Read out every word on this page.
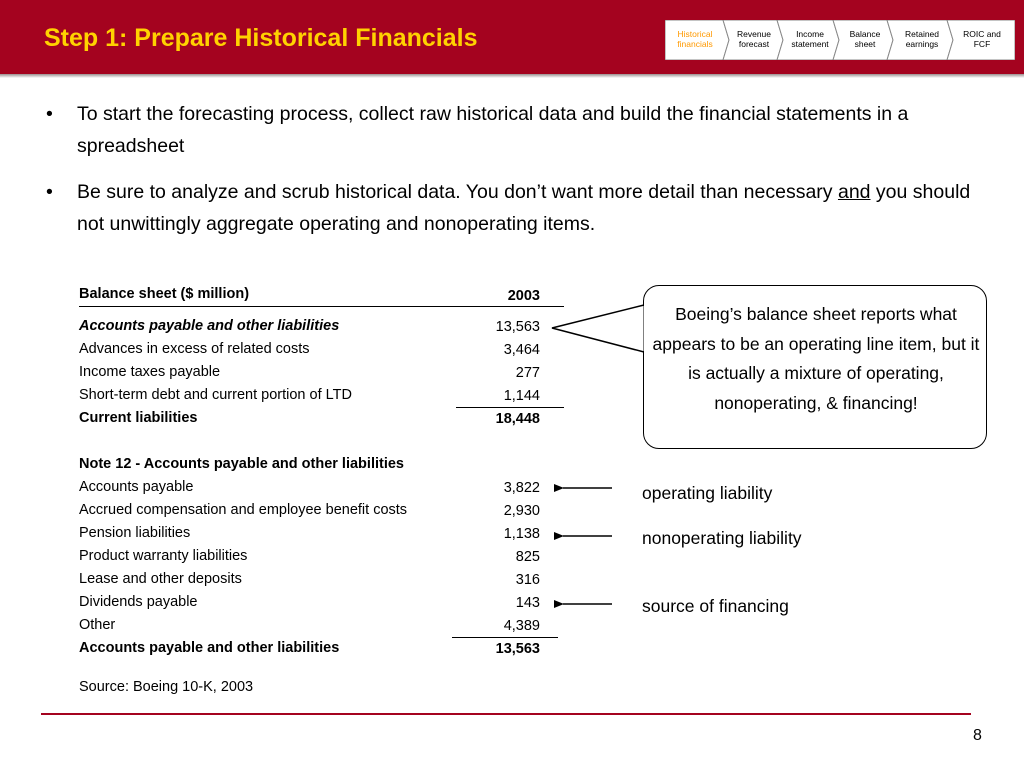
Step 1: Prepare Historical Financials	Historical
financials
Revenue
forecast
Income
statement
Balance
sheet
Retained
earnings
ROIC and
FCF
• To start the forecasting process, collect raw historical data and build the financial statements in a spreadsheet
• Be sure to analyze and scrub historical data. You don’t want more detail than necessary and you should not unwittingly aggregate operating and nonoperating items.
Balance sheet ($ million)	2003
Accounts payable and other liabilities	13,563
Advances in excess of related costs	3,464
Income taxes payable	277
Short-term debt and current portion of LTD	1,144
Current liabilities	18,448
Note 12 - Accounts payable and other liabilities
Accounts payable	3,822
Accrued compensation and employee benefit costs	2,930
Pension liabilities	1,138
Product warranty liabilities	825
Lease and other deposits	316
Dividends payable	143
Other	4,389
Accounts payable and other liabilities	13,563
Boeing’s balance sheet reports what appears to be an operating line item, but it is actually a mixture of operating, nonoperating, & financing!
operating liability
nonoperating liability
source of financing
Source: Boeing 10-K, 2003
8
